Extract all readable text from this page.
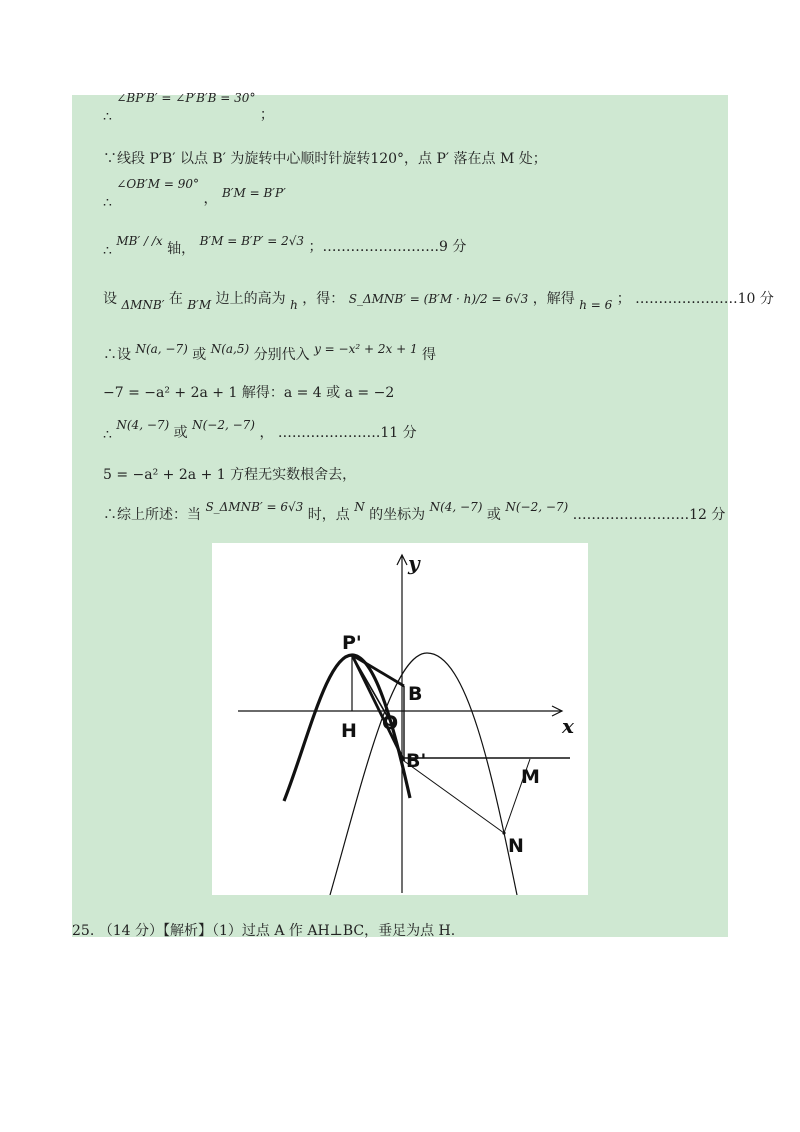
∴ ∠BP′B′ = ∠P′B′B = 30° ；
∵线段 P′B′ 以点 B′ 为旋转中心顺时针旋转120°，点 P′ 落在点 M 处；
∴ ∠OB′M = 90° ， B′M = B′P′
∴ MB′ / /x 轴， B′M = B′P′ = 2√3 ；…………………….9 分
设 ΔMNB′ 在 B′M 边上的高为 h ，得： S_ΔMNB′ = (B′M · h)/2 = 6√3 ，解得 h = 6 ； ………………….10 分
∴设 N(a, −7) 或 N(a,5) 分别代入 y = −x² + 2x + 1 得
−7 = −a² + 2a + 1 解得：a = 4 或 a = −2
∴ N(4, −7) 或 N(−2, −7) ， ………………….11 分
5 = −a² + 2a + 1 方程无实数根舍去，
∴综上所述：当 S_ΔMNB′ = 6√3 时，点 N 的坐标为 N(4, −7) 或 N(−2, −7) …………………….12 分
y
x
P'
B
H O
B'
M
N
25. （14 分）【解析】（1）过点 A 作 AH⊥BC，垂足为点 H.
